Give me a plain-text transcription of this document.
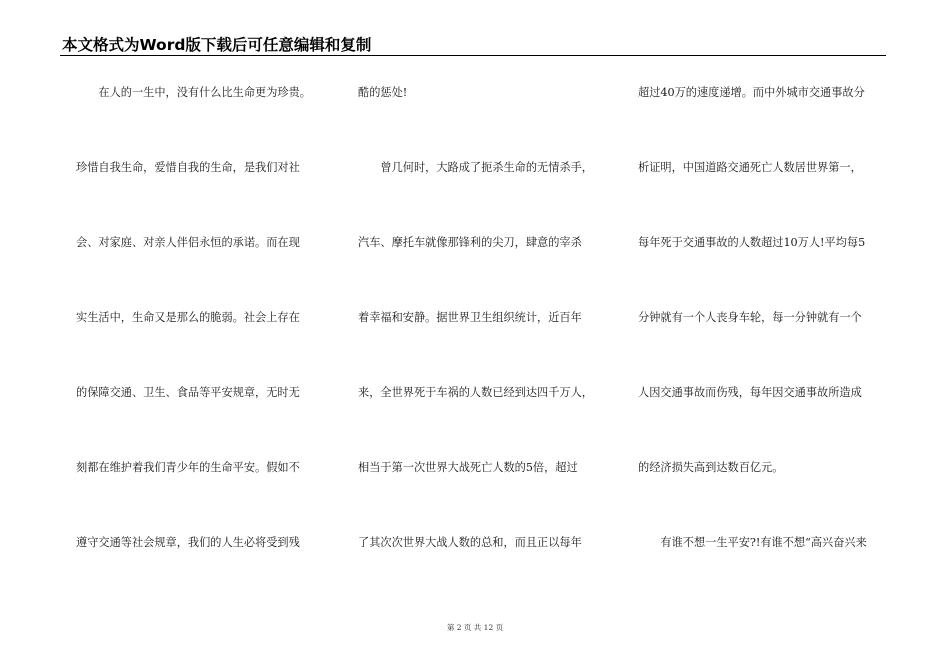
本文格式为Word版下载后可任意编辑和复制
　　在人的一生中，没有什么比生命更为珍贵。
珍惜自我生命，爱惜自我的生命，是我们对社
会、对家庭、对亲人伴侣永恒的承诺。而在现
实生活中，生命又是那么的脆弱。社会上存在
的保障交通、卫生、食品等平安规章，无时无
刻都在维护着我们青少年的生命平安。假如不
遵守交通等社会规章，我们的人生必将受到残
酷的惩处!
　　曾几何时，大路成了扼杀生命的无情杀手，
汽车、摩托车就像那锋利的尖刀，肆意的宰杀
着幸福和安静。据世界卫生组织统计，近百年
来，全世界死于车祸的人数已经到达四千万人，
相当于第一次世界大战死亡人数的5倍，超过
了其次次世界大战人数的总和，而且正以每年
超过40万的速度递增。而中外城市交通事故分
析证明，中国道路交通死亡人数居世界第一，
每年死于交通事故的人数超过10万人!平均每5
分钟就有一个人丧身车轮，每一分钟就有一个
人因交通事故而伤残，每年因交通事故所造成
的经济损失高到达数百亿元。
　　有谁不想一生平安?!有谁不想“高兴奋兴来
第 2 页 共 12 页
